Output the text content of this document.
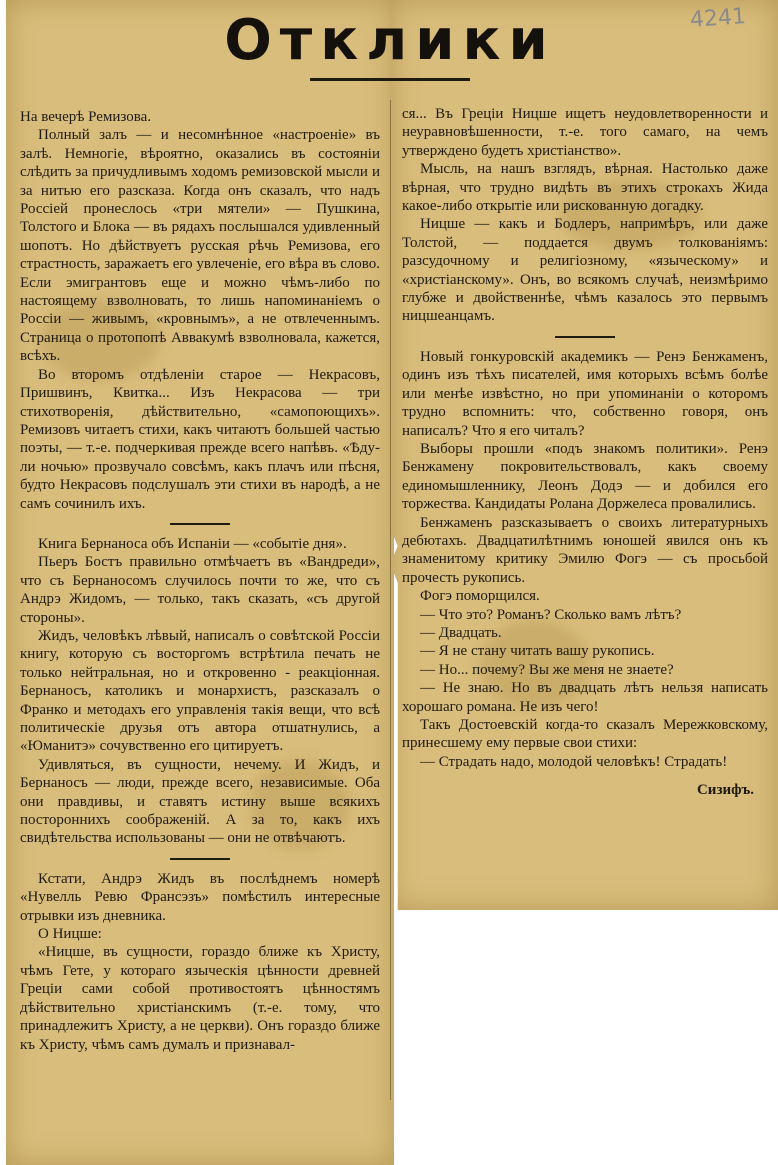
Отклики	4241

На вечерѣ Ремизова.

Полный залъ — и несомнѣнное «настроеніе» въ залѣ. Немногіе, вѣроятно, оказались въ состояніи слѣдить за причудливымъ ходомъ ремизовской мысли и за нитью его разсказа. Когда онъ сказалъ, что надъ Россіей пронеслось «три мятели» — Пушкина, Толстого и Блока — въ рядахъ послышался удивленный шопотъ. Но дѣйствуетъ русская рѣчь Ремизова, его страстность, заражаетъ его увлеченіе, его вѣра въ слово. Если эмигрантовъ еще и можно чѣмъ-либо по настоящему взволновать, то лишь напоминаніемъ о Россіи — живымъ, «кровнымъ», а не отвлеченнымъ. Страница о протопопѣ Аввакумѣ взволновала, кажется, всѣхъ.

Во второмъ отдѣленіи старое — Некрасовъ, Пришвинъ, Квитка... Изъ Некрасова — три стихотворенія, дѣйствительно, «самопоющихъ». Ремизовъ читаетъ стихи, какъ читаютъ большей частью поэты, — т.-е. подчеркивая прежде всего напѣвъ. «Ѣду-ли ночью» прозвучало совсѣмъ, какъ плачъ или пѣсня, будто Некрасовъ подслушалъ эти стихи въ народѣ, а не самъ сочинилъ ихъ.

Книга Бернаноса объ Испаніи — «событіе дня».

Пьеръ Бостъ правильно отмѣчаетъ въ «Вандреди», что съ Бернаносомъ случилось почти то же, что съ Андрэ Жидомъ, — только, такъ сказать, «съ другой стороны».

Жидъ, человѣкъ лѣвый, написалъ о совѣтской Россіи книгу, которую съ восторгомъ встрѣтила печать не только нейтральная, но и откровенно - реакціонная. Бернаносъ, католикъ и монархистъ, разсказалъ о Франко и методахъ его управленія такія вещи, что всѣ политическіе друзья отъ автора отшатнулись, а «Юманитэ» сочувственно его цитируетъ.

Удивляться, въ сущности, нечему. И Жидъ, и Бернаносъ — люди, прежде всего, независимые. Оба они правдивы, и ставятъ истину выше всякихъ постороннихъ соображеній. А за то, какъ ихъ свидѣтельства использованы — они не отвѣчаютъ.

Кстати, Андрэ Жидъ въ послѣднемъ номерѣ «Нувелль Ревю Франсэзъ» помѣстилъ интересные отрывки изъ дневника.

О Ницше:

«Ницше, въ сущности, гораздо ближе къ Христу, чѣмъ Гете, у котораго языческія цѣнности древней Греціи сами собой противостоятъ цѣнностямъ дѣйствительно христіанскимъ (т.-е. тому, что принадлежитъ Христу, а не церкви). Онъ гораздо ближе къ Христу, чѣмъ самъ думалъ и признавал-

ся... Въ Греціи Ницше ищетъ неудовлетворенности и неуравновѣшенности, т.-е. того самаго, на чемъ утверждено будетъ христіанство».

Мысль, на нашъ взглядъ, вѣрная. Настолько даже вѣрная, что трудно видѣть въ этихъ строкахъ Жида какое-либо открытіе или рискованную догадку.

Ницше — какъ и Бодлеръ, напримѣръ, или даже Толстой, — поддается двумъ толкованіямъ: разсудочному и религіозному, «языческому» и «христіанскому». Онъ, во всякомъ случаѣ, неизмѣримо глубже и двойственнѣе, чѣмъ казалось это первымъ ницшеанцамъ.

Новый гонкуровскій академикъ — Ренэ Бенжаменъ, одинъ изъ тѣхъ писателей, имя которыхъ всѣмъ болѣе или менѣе извѣстно, но при упоминаніи о которомъ трудно вспомнить: что, собственно говоря, онъ написалъ? Что я его читалъ?

Выборы прошли «подъ знакомъ политики». Ренэ Бенжамену покровительствовалъ, какъ своему единомышленнику, Леонъ Додэ — и добился его торжества. Кандидаты Ролана Доржелеса провалились.

Бенжаменъ разсказываетъ о своихъ литературныхъ дебютахъ. Двадцатилѣтнимъ юношей явился онъ къ знаменитому критику Эмилю Фогэ — съ просьбой прочесть рукопись.

Фогэ поморщился.

— Что это? Романъ? Сколько вамъ лѣтъ?

— Двадцать.

— Я не стану читать вашу рукопись.

— Но... почему? Вы же меня не знаете?

— Не знаю. Но въ двадцать лѣтъ нельзя написать хорошаго романа. Не изъ чего!

Такъ Достоевскій когда-то сказалъ Мережковскому, принесшему ему первые свои стихи:

— Страдать надо, молодой человѣкъ! Страдать!

Сизифъ.
